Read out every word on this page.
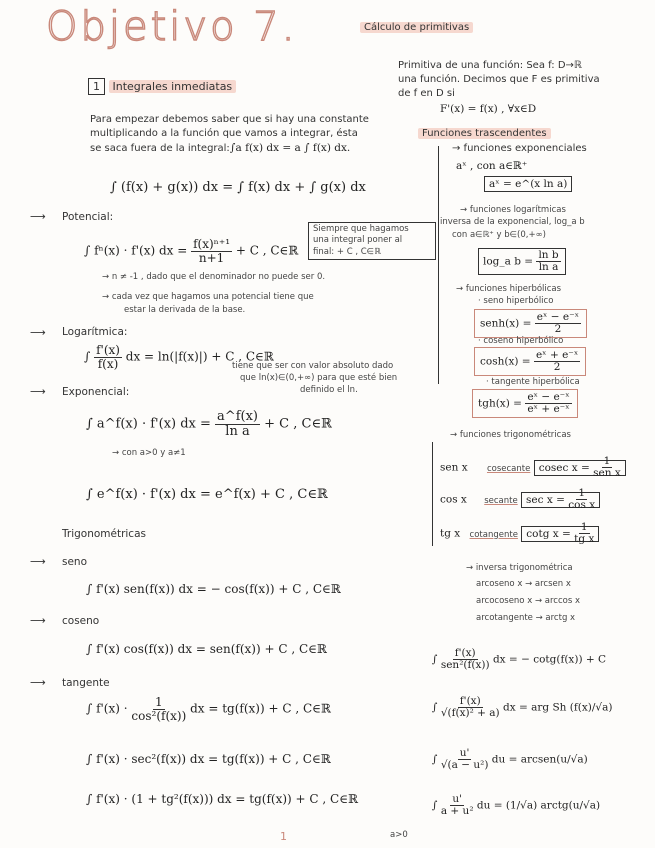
Objetivo 7.	Cálculo de primitivas
Primitiva de una función: Sea f: D→ℝ
una función. Decimos que F es primitiva
de f en D si
F'(x) = f(x) , ∀x∈D
1 Integrales inmediatas
Para empezar debemos saber que si hay una constante
multiplicando a la función que vamos a integrar, ésta
se saca fuera de la integral: ∫a f(x) dx = a ∫ f(x) dx.
∫ (f(x) + g(x)) dx = ∫ f(x) dx + ∫ g(x) dx
⟶ Potencial:
∫ fⁿ(x) · f'(x) dx = $\frac{\text{f(x)ⁿ⁺¹}}{n+1} + C$ , C∈ℝ
Siempre que hagamos
una integral poner al
final: + C , C∈ℝ
→ n ≠ -1 , dado que el denominador no puede ser 0.
→ cada vez que hagamos una potencial tiene que
estar la derivada de la base.
⟶ Logarítmica:
∫ $\frac{f'(x)}{f(x)}$ dx = ln(|f(x)|) + C , C∈ℝ
tiene que ser con valor absoluto dado
que ln(x)∈(0,+∞) para que esté bien
definido el ln.
⟶ Exponencial:
∫ a^f(x) · f'(x) dx = $\frac{a\^{}f(x)}{\text{ln a}} + C$ , C∈ℝ
→ con a>0 y a≠1
∫ e^f(x) · f'(x) dx = e^f(x) + C , C∈ℝ
Trigonométricas
⟶ seno
∫ f'(x) sen(f(x)) dx = − cos(f(x)) + C , C∈ℝ
⟶ coseno
∫ f'(x) cos(f(x)) dx = sen(f(x)) + C , C∈ℝ
⟶ tangente
∫ $f'(x) \cdot \frac{1}{\text{cos²(f(x))}}$ dx = tg(f(x)) + C , C∈ℝ
∫ f'(x) · sec²(f(x)) dx = tg(f(x)) + C , C∈ℝ
∫ f'(x) · (1 + tg²(f(x))) dx = tg(f(x)) + C , C∈ℝ
Funciones trascendentes
→ funciones exponenciales
aˣ , con a∈ℝ⁺
aˣ = e^(x ln a)
→ funciones logarítmicas
inversa de la exponencial, log_a b
con a∈ℝ⁺ y b∈(0,+∞)
log_a $b = \frac{\text{ln b}}{\text{ln a}}$
→ funciones hiperbólicas
· seno hiperbólico
senh(x) = $\frac{\text{eˣ − e⁻ˣ}}{2}$
· coseno hiperbólico
$\cosh(x) = \frac{\text{eˣ + e⁻ˣ}}{2}$
· tangente hiperbólica
$tgh(x) = \frac{\text{eˣ − e⁻ˣ}}{\text{eˣ + e⁻ˣ}}$
→ funciones trigonométricas
sen x cosecante cosec $x = \frac{1}{\text{sen x}}$
cos x secante $\sec x = \frac{1}{\text{cos x}}$
tg x cotangente cotg $x = \frac{1}{\text{tg x}}$
→ inversa trigonométrica
arcoseno x → arcsen x
arcocoseno x → arccos x
arcotangente → arctg x
∫ $\frac{f'(x)}{\text{sen²(f(x))}}$ dx = − cotg(f(x)) + C
∫ $\frac{f'(x)}{\text{√(f(x)² + a)}}$ dx = arg Sh (f(x)/√a)
∫ $\frac{u'}{\text{√(a − u²)}}$ du = arcsen(u/√a)
∫ $\frac{u'}{\text{a + u²}}$ du = (1/√a) arctg(u/√a)
1	a>0
